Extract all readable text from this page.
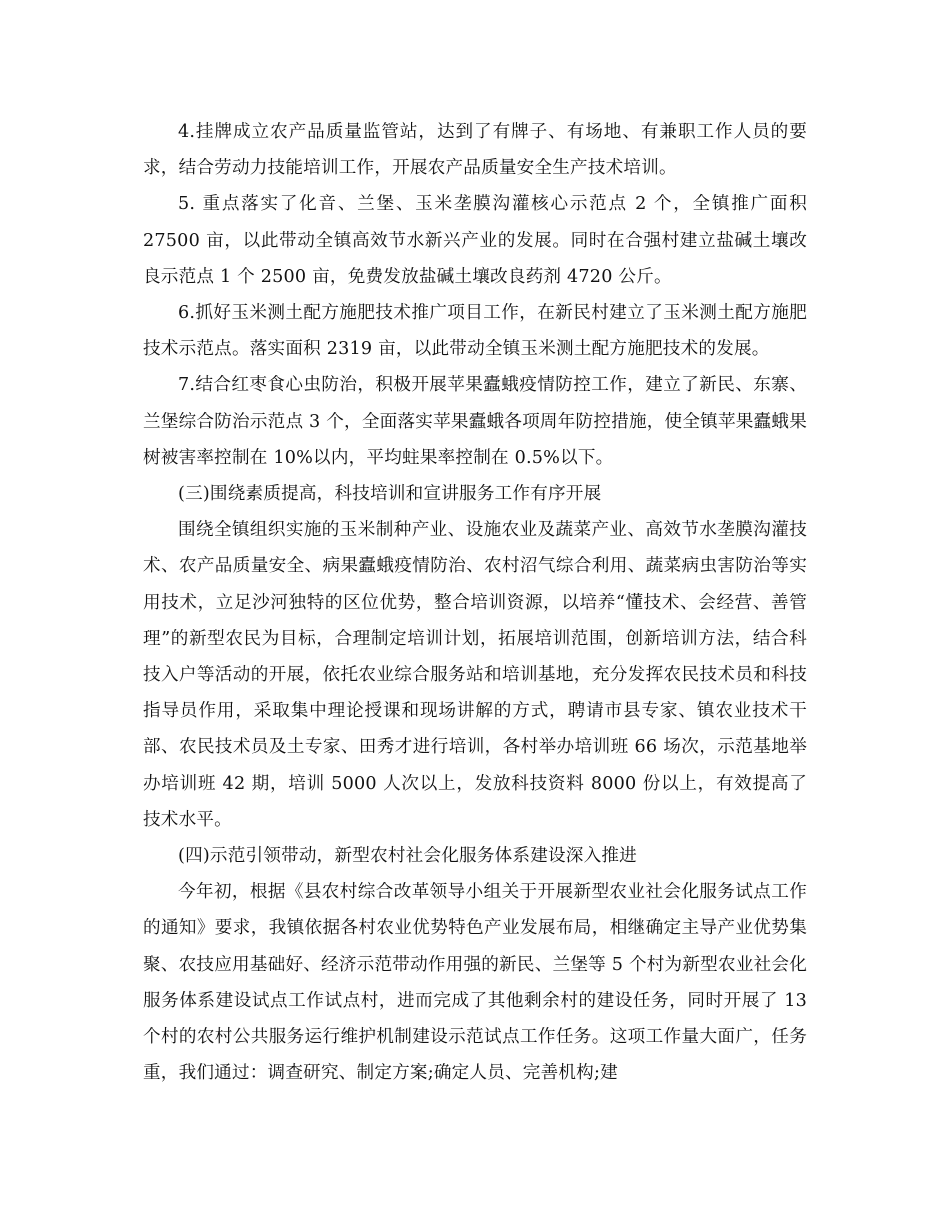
4.挂牌成立农产品质量监管站，达到了有牌子、有场地、有兼职工作人员的要求，结合劳动力技能培训工作，开展农产品质量安全生产技术培训。

5. 重点落实了化音、兰堡、玉米垄膜沟灌核心示范点 2 个，全镇推广面积 27500 亩，以此带动全镇高效节水新兴产业的发展。同时在合强村建立盐碱土壤改良示范点 1 个 2500 亩，免费发放盐碱土壤改良药剂 4720 公斤。

6.抓好玉米测土配方施肥技术推广项目工作，在新民村建立了玉米测土配方施肥技术示范点。落实面积 2319 亩，以此带动全镇玉米测土配方施肥技术的发展。

7.结合红枣食心虫防治，积极开展苹果蠹蛾疫情防控工作，建立了新民、东寨、兰堡综合防治示范点 3 个，全面落实苹果蠹蛾各项周年防控措施，使全镇苹果蠹蛾果树被害率控制在 10%以内，平均蛀果率控制在 0.5%以下。

(三)围绕素质提高，科技培训和宣讲服务工作有序开展

围绕全镇组织实施的玉米制种产业、设施农业及蔬菜产业、高效节水垄膜沟灌技术、农产品质量安全、病果蠹蛾疫情防治、农村沼气综合利用、蔬菜病虫害防治等实用技术，立足沙河独特的区位优势，整合培训资源，以培养“懂技术、会经营、善管理”的新型农民为目标，合理制定培训计划，拓展培训范围，创新培训方法，结合科技入户等活动的开展，依托农业综合服务站和培训基地，充分发挥农民技术员和科技指导员作用，采取集中理论授课和现场讲解的方式，聘请市县专家、镇农业技术干部、农民技术员及土专家、田秀才进行培训，各村举办培训班 66 场次，示范基地举办培训班 42 期，培训 5000 人次以上，发放科技资料 8000 份以上，有效提高了技术水平。

(四)示范引领带动，新型农村社会化服务体系建设深入推进

今年初，根据《县农村综合改革领导小组关于开展新型农业社会化服务试点工作的通知》要求，我镇依据各村农业优势特色产业发展布局，相继确定主导产业优势集聚、农技应用基础好、经济示范带动作用强的新民、兰堡等 5 个村为新型农业社会化服务体系建设试点工作试点村，进而完成了其他剩余村的建设任务，同时开展了 13 个村的农村公共服务运行维护机制建设示范试点工作任务。这项工作量大面广，任务重，我们通过：调查研究、制定方案;确定人员、完善机构;建
